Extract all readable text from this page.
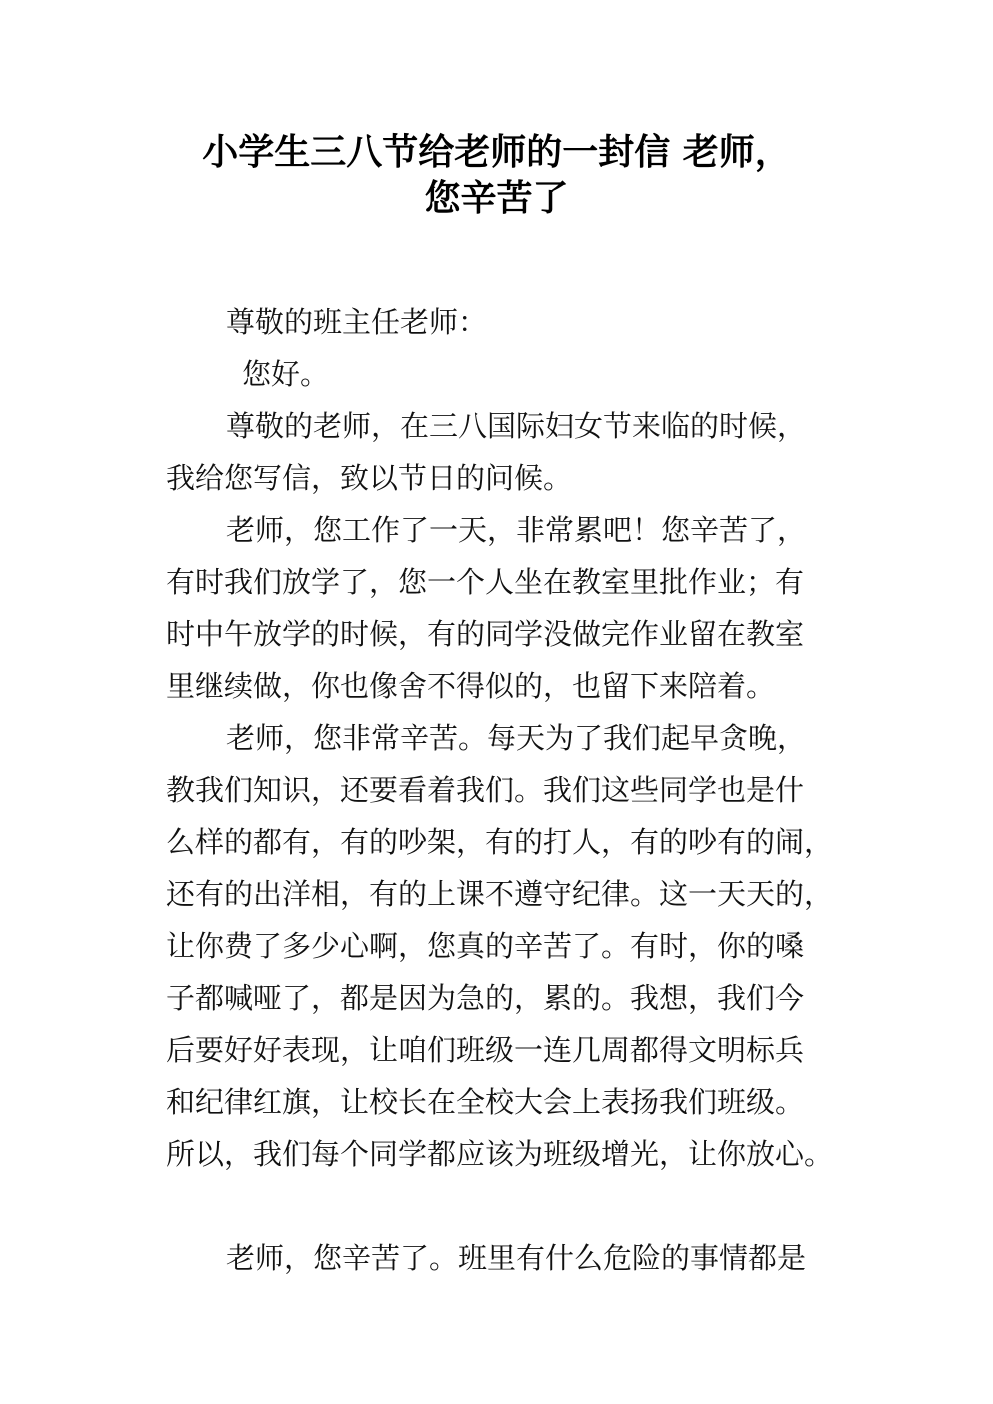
小学生三八节给老师的一封信 老师，
您辛苦了
尊敬的班主任老师：
您好。
尊敬的老师，在三八国际妇女节来临的时候，
我给您写信，致以节日的问候。
老师，您工作了一天，非常累吧！您辛苦了，
有时我们放学了，您一个人坐在教室里批作业；有
时中午放学的时候，有的同学没做完作业留在教室
里继续做，你也像舍不得似的，也留下来陪着。
老师，您非常辛苦。每天为了我们起早贪晚，
教我们知识，还要看着我们。我们这些同学也是什
么样的都有，有的吵架，有的打人，有的吵有的闹，
还有的出洋相，有的上课不遵守纪律。这一天天的，
让你费了多少心啊，您真的辛苦了。有时，你的嗓
子都喊哑了，都是因为急的，累的。我想，我们今
后要好好表现，让咱们班级一连几周都得文明标兵
和纪律红旗，让校长在全校大会上表扬我们班级。
所以，我们每个同学都应该为班级增光，让你放心。
老师，您辛苦了。班里有什么危险的事情都是
